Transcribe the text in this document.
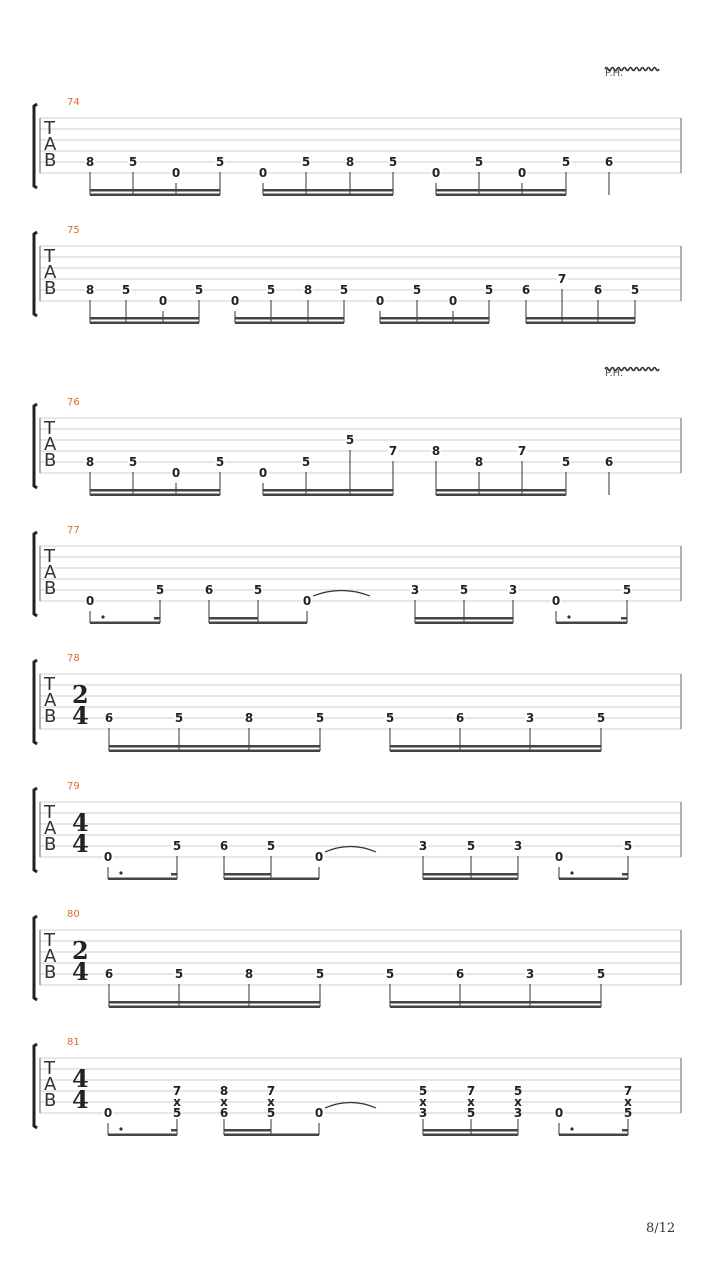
P.H.
T
A
B
74
8	5
0
5
0
5	8	5
0
5
0
5	6
T
A
B
75
8 5
0
5
0
5 8 5
0
5
0
5 6
7
6 5
P.H.
T
A
B
76
8	5
0
5
0
5
5
7	8
8
7
5	6
T
A
B
77
0
5	6	5
0
3	5	3
0
5
T
A
B
78
2
4 6	5	8	5	5	6	3	5
T
A
B
79
4
4 0
5	6	5
0
3	5	3
0
5
T
A
B
80
2
4 6	5	8	5	5	6	3	5
T
A
B
81
4
4 0
7
x
5
8
x
6
7
x
5	0
5
x
3
7
x
5
5
x
3	0
7
x
5
8/12
